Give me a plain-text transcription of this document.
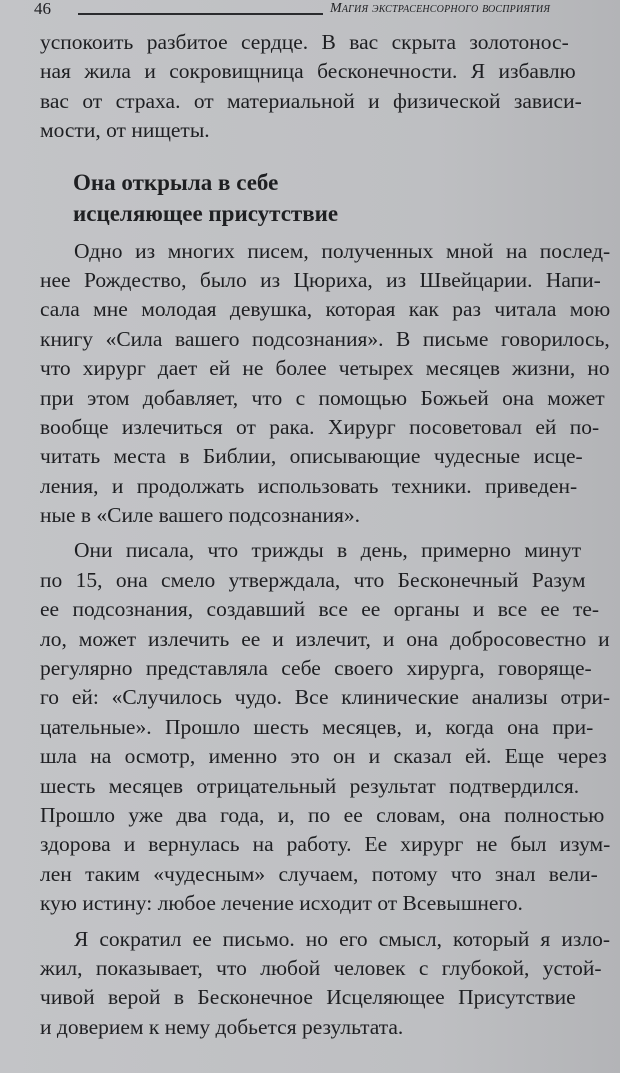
46	Магия экстрасенсорного восприятия
успокоить разбитое сердце. В вас скрыта золотонос-
ная жила и сокровищница бесконечности. Я избавлю
вас от страха. от материальной и физической зависи-
мости, от нищеты.
Она открыла в себе
исцеляющее присутствие
Одно из многих писем, полученных мной на послед-
нее Рождество, было из Цюриха, из Швейцарии. Напи-
сала мне молодая девушка, которая как раз читала мою
книгу «Сила вашего подсознания». В письме говорилось,
что хирург дает ей не более четырех месяцев жизни, но
при этом добавляет, что с помощью Божьей она может
вообще излечиться от рака. Хирург посоветовал ей по-
читать места в Библии, описывающие чудесные исце-
ления, и продолжать использовать техники. приведен-
ные в «Силе вашего подсознания».
Они писала, что трижды в день, примерно минут
по 15, она смело утверждала, что Бесконечный Разум
ее подсознания, создавший все ее органы и все ее те-
ло, может излечить ее и излечит, и она добросовестно и
регулярно представляла себе своего хирурга, говоряще-
го ей: «Случилось чудо. Все клинические анализы отри-
цательные». Прошло шесть месяцев, и, когда она при-
шла на осмотр, именно это он и сказал ей. Еще через
шесть месяцев отрицательный результат подтвердился.
Прошло уже два года, и, по ее словам, она полностью
здорова и вернулась на работу. Ее хирург не был изум-
лен таким «чудесным» случаем, потому что знал вели-
кую истину: любое лечение исходит от Всевышнего.
Я сократил ее письмо. но его смысл, который я изло-
жил, показывает, что любой человек с глубокой, устой-
чивой верой в Бесконечное Исцеляющее Присутствие
и доверием к нему добьется результата.
